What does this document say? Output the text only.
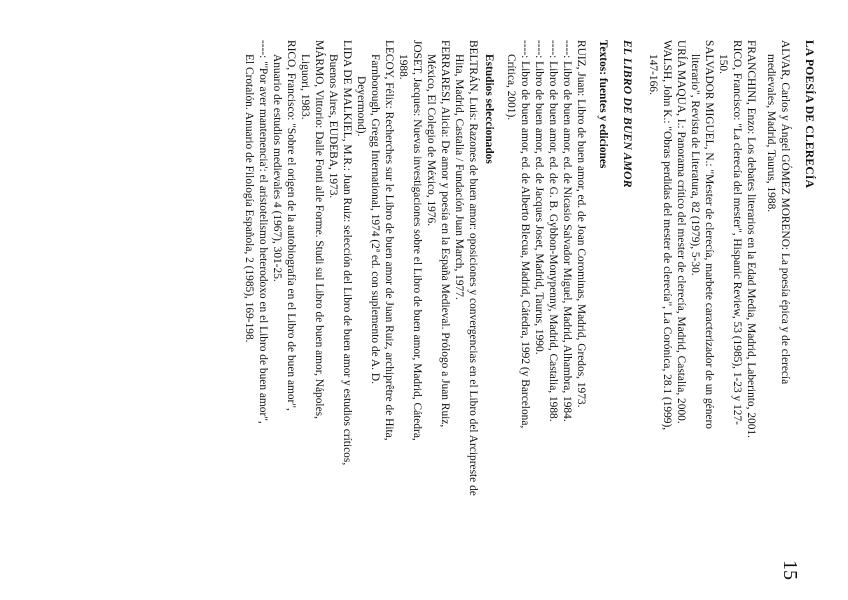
LA POESÍA DE CLERECÍA
ALVAR, Carlos y Ángel GÓMEZ MORENO: La poesía épica y de clerecía
medievales, Madrid, Taurus, 1988.
FRANCHINI, Enzo: Los debates literarios en la Edad Media, Madrid, Laberinto, 2001.
RICO, Francisco: "La clerecía del mester", Hispanic Review, 53 (1985), 1-23 y 127-
150.
SALVADOR MIGUEL, N.: "Mester de clerecía, marbete caracterizador de un género
literario", Revista de Literatura, 82 (1979), 5-30.
URÍA MAQUA, I.: Panorama crítico del mester de clerecía, Madrid, Castalia, 2000.
WALSH, John K.: "Obras perdidas del mester de clerecía", La Corónica, 28.1 (1999),
147-166.
EL LIBRO DE BUEN AMOR
Textos: fuentes y ediciones
RUIZ, Juan: Libro de buen amor, ed. de Joan Corominas, Madrid, Gredos, 1973.
----: Libro de buen amor, ed. de Nicasio Salvador Miguel, Madrid, Alhambra, 1984.
----: Libro de buen amor, ed. de G. B. Gybbon-Monypenny, Madrid, Castalia, 1988.
----: Libro de buen amor, ed. de Jacques Joset, Madrid, Taurus, 1990.
----: Libro de buen amor, ed. de Alberto Blecua, Madrid, Cátedra, 1992 (y Barcelona,
Crítica, 2001).
Estudios seleccionados
BELTRÁN, Luis: Razones de buen amor: oposiciones y convergencias en el Libro del Arcipreste de
Hita, Madrid, Castalia / Fundación Juan March, 1977.
FERRARESI, Alicia: De amor y poesía en la España Medieval. Prólogo a Juan Ruiz,
México, El Colegio de México, 1976.
JOSET, Jacques: Nuevas investigaciones sobre el Libro de buen amor, Madrid, Cátedra,
1988.
LECOY, Félix: Recherches sur le Libro de buen amor de Juan Ruiz, archiprêtre de Hita,
Farnborough, Gregg International, 1974 (2ª ed. con suplemento de A. D.
Deyermond).
LIDA DE MALKIEL, M.R.: Juan Ruiz: selección del Libro de buen amor y estudios críticos,
Buenos Aires, EUDEBA, 1973.
MÁRMO, Vittorio: Dalle Fonti alle Forme. Studi sul Libro de buen amor, Nápoles,
Liguori, 1983.
RICO, Francisco: "Sobre el origen de la autobiografía en el Libro de buen amor",
Anuario de estudios medievales 4 (1967), 301-25.
----: "'Por aver mantenencia': el aristotelismo heterodoxo en el Libro de buen amor",
El Crotalón. Anuario de Filología Española, 2 (1985), 169-198.
15
